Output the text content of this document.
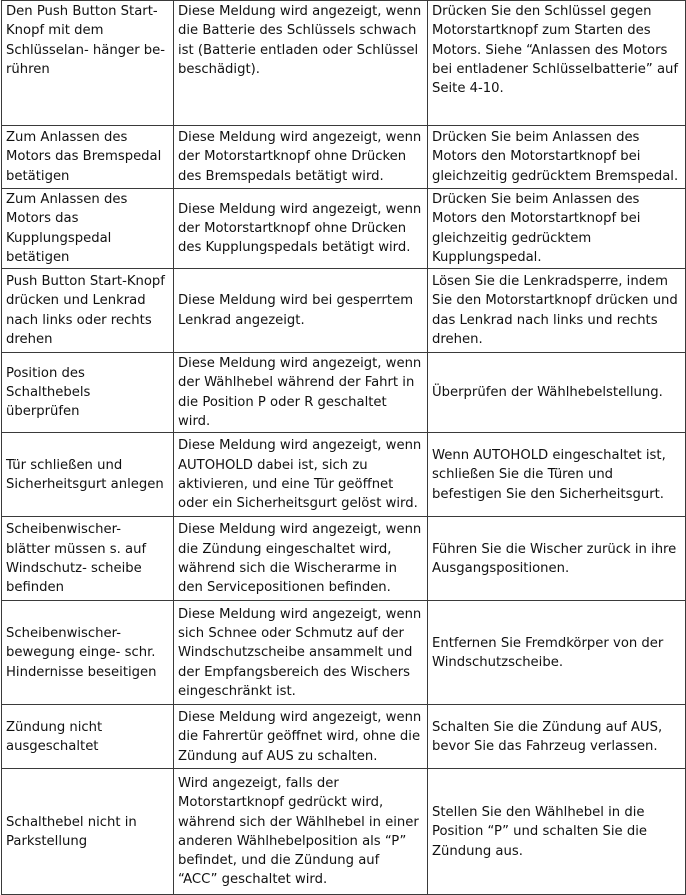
Den Push Button Start-Knopf mit dem Schlüsselan- hänger be- rühren	Diese Meldung wird angezeigt, wenn die Batterie des Schlüssels schwach ist (Batterie entladen oder Schlüssel beschädigt).	Drücken Sie den Schlüssel gegen Motorstartknopf zum Starten des Motors. Siehe “Anlassen des Motors bei entladener Schlüsselbatterie” auf Seite 4-10.
Zum Anlassen des Motors das Bremspedal betätigen	Diese Meldung wird angezeigt, wenn der Motorstartknopf ohne Drücken des Bremspedals betätigt wird.	Drücken Sie beim Anlassen des Motors den Motorstartknopf bei gleichzeitig gedrücktem Bremspedal.
Zum Anlassen des Motors das Kupplungspedal betätigen	Diese Meldung wird angezeigt, wenn der Motorstartknopf ohne Drücken des Kupplungspedals betätigt wird.	Drücken Sie beim Anlassen des Motors den Motorstartknopf bei gleichzeitig gedrücktem Kupplungspedal.
Push Button Start-Knopf drücken und Lenkrad nach links oder rechts drehen	Diese Meldung wird bei gesperrtem Lenkrad angezeigt.	Lösen Sie die Lenkradsperre, indem Sie den Motorstartknopf drücken und das Lenkrad nach links und rechts drehen.
Position des Schalthebels überprüfen	Diese Meldung wird angezeigt, wenn der Wählhebel während der Fahrt in die Position P oder R geschaltet wird.	Überprüfen der Wählhebelstellung.
Tür schließen und Sicherheitsgurt anlegen	Diese Meldung wird angezeigt, wenn AUTOHOLD dabei ist, sich zu aktivieren, und eine Tür geöffnet oder ein Sicherheitsgurt gelöst wird.	Wenn AUTOHOLD eingeschaltet ist, schließen Sie die Türen und befestigen Sie den Sicherheitsgurt.
Scheibenwischer- blätter müssen s. auf Windschutz- scheibe befinden	Diese Meldung wird angezeigt, wenn die Zündung eingeschaltet wird, während sich die Wischerarme in den Servicepositionen befinden.	Führen Sie die Wischer zurück in ihre Ausgangspositionen.
Scheibenwischer- bewegung einge- schr. Hindernisse beseitigen	Diese Meldung wird angezeigt, wenn sich Schnee oder Schmutz auf der Windschutzscheibe ansammelt und der Empfangsbereich des Wischers eingeschränkt ist.	Entfernen Sie Fremdkörper von der Windschutzscheibe.
Zündung nicht ausgeschaltet	Diese Meldung wird angezeigt, wenn die Fahrertür geöffnet wird, ohne die Zündung auf AUS zu schalten.	Schalten Sie die Zündung auf AUS, bevor Sie das Fahrzeug verlassen.
Schalthebel nicht in Parkstellung	Wird angezeigt, falls der Motorstartknopf gedrückt wird, während sich der Wählhebel in einer anderen Wählhebelposition als “P” befindet, und die Zündung auf “ACC” geschaltet wird.	Stellen Sie den Wählhebel in die Position “P” und schalten Sie die Zündung aus.
